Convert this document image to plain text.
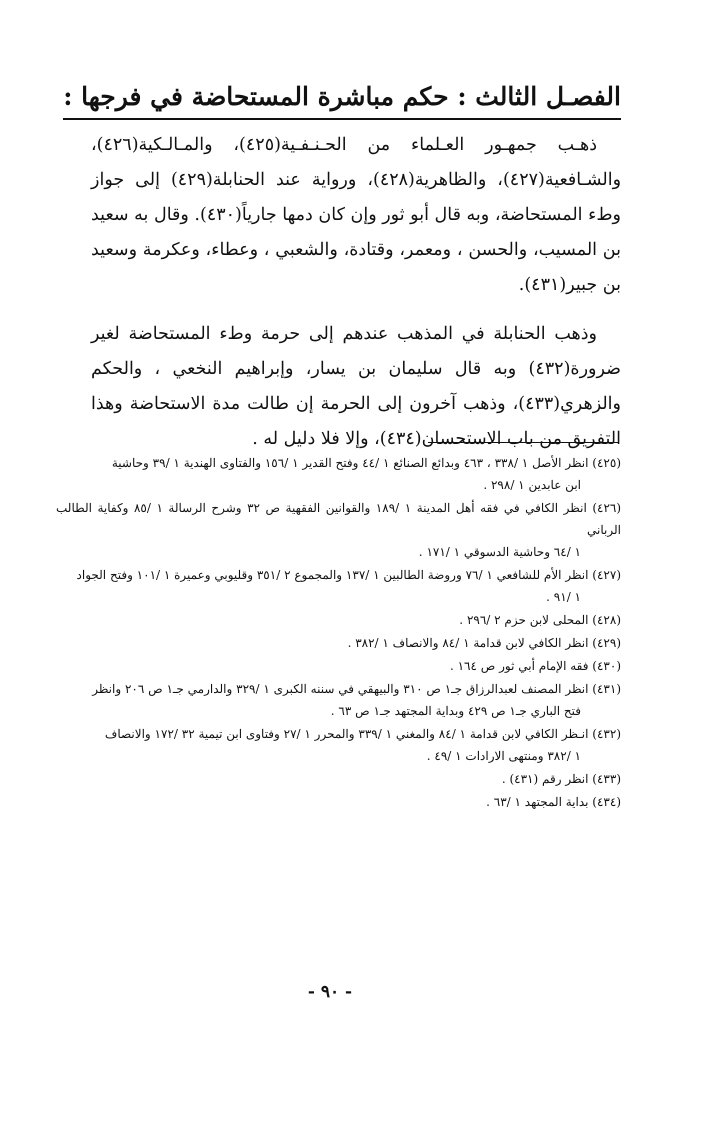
الفصـل الثالث : حكم مباشرة المستحاضة في فرجها :

ذهـب جمهـور العـلماء من الحـنـفـية(٤٢٥)، والمـالـكية(٤٢٦)، والشـافعية(٤٢٧)، والظاهرية(٤٢٨)، ورواية عند الحنابلة(٤٢٩) إلى جواز وطء المستحاضة، وبه قال أبو ثور وإن كان دمها جارياً(٤٣٠). وقال به سعيد بن المسيب، والحسن ، ومعمر، وقتادة، والشعبي ، وعطاء، وعكرمة وسعيد بن جبير(٤٣١).

وذهب الحنابلة في المذهب عندهم إلى حرمة وطء المستحاضة لغير ضرورة(٤٣٢) وبه قال سليمان بن يسار، وإبراهيم النخعي ، والحكم والزهري(٤٣٣)، وذهب آخرون إلى الحرمة إن طالت مدة الاستحاضة وهذا التفريق من باب الاستحسان(٤٣٤)، وإلا فلا دليل له .

(٤٢٥) انظر الأصل ١ /٣٣٨ ، ٤٦٣ وبدائع الصنائع ١ /٤٤ وفتح القدير ١ /١٥٦ والفتاوى الهندية ١ /٣٩ وحاشية
ابن عابدين ١ /٢٩٨ .
(٤٢٦) انظر الكافي في فقه أهل المدينة ١ /١٨٩ والقوانين الفقهية ص ٣٢ وشرح الرسالة ١ /٨٥ وكفاية الطالب الرباني
١ /٦٤ وحاشية الدسوقي ١ /١٧١ .
(٤٢٧) انظر الأم للشافعي ١ /٧٦ وروضة الطالبين ١ /١٣٧ والمجموع ٢ /٣٥١ وقليوبي وعميرة ١ /١٠١ وفتح الجواد
١ /٩١ .
(٤٢٨) المحلى لابن حزم ٢ /٢٩٦ .
(٤٢٩) انظر الكافي لابن قدامة ١ /٨٤ والانصاف ١ /٣٨٢ .
(٤٣٠) فقه الإمام أبي ثور ص ١٦٤ .
(٤٣١) انظر المصنف لعبدالرزاق جـ١ ص ٣١٠ والبيهقي في سننه الكبرى ١ /٣٢٩ والدارمي جـ١ ص ٢٠٦ وانظر
فتح الباري جـ١ ص ٤٢٩ وبداية المجتهد جـ١ ص ٦٣ .
(٤٣٢) انـظر الكافي لابن قدامة ١ /٨٤ والمغني ١ /٣٣٩ والمحرر ١ /٢٧ وفتاوى ابن تيمية ٣٢ /١٧٢ والانصاف
١ /٣٨٢ ومنتهى الارادات ١ /٤٩ .
(٤٣٣) انظر رقم (٤٣١) .
(٤٣٤) بداية المجتهد ١ /٦٣ .
- ٩٠ -
